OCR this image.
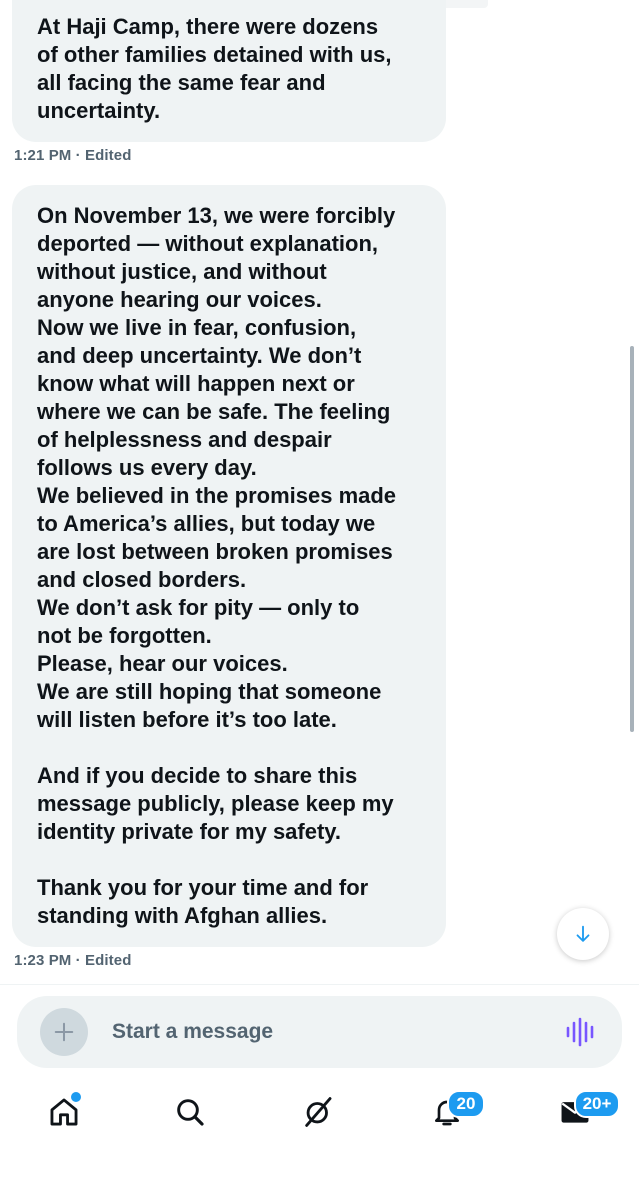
At Haji Camp, there were dozens
of other families detained with us,
all facing the same fear and
uncertainty.
1:21 PM · Edited
On November 13, we were forcibly
deported — without explanation,
without justice, and without
anyone hearing our voices.
Now we live in fear, confusion,
and deep uncertainty. We don’t
know what will happen next or
where we can be safe. The feeling
of helplessness and despair
follows us every day.
We believed in the promises made
to America’s allies, but today we
are lost between broken promises
and closed borders.
We don’t ask for pity — only to
not be forgotten.
Please, hear our voices.
We are still hoping that someone
will listen before it’s too late.

And if you decide to share this
message publicly, please keep my
identity private for my safety.

Thank you for your time and for
standing with Afghan allies.
1:23 PM · Edited
Start a message
20	20+
